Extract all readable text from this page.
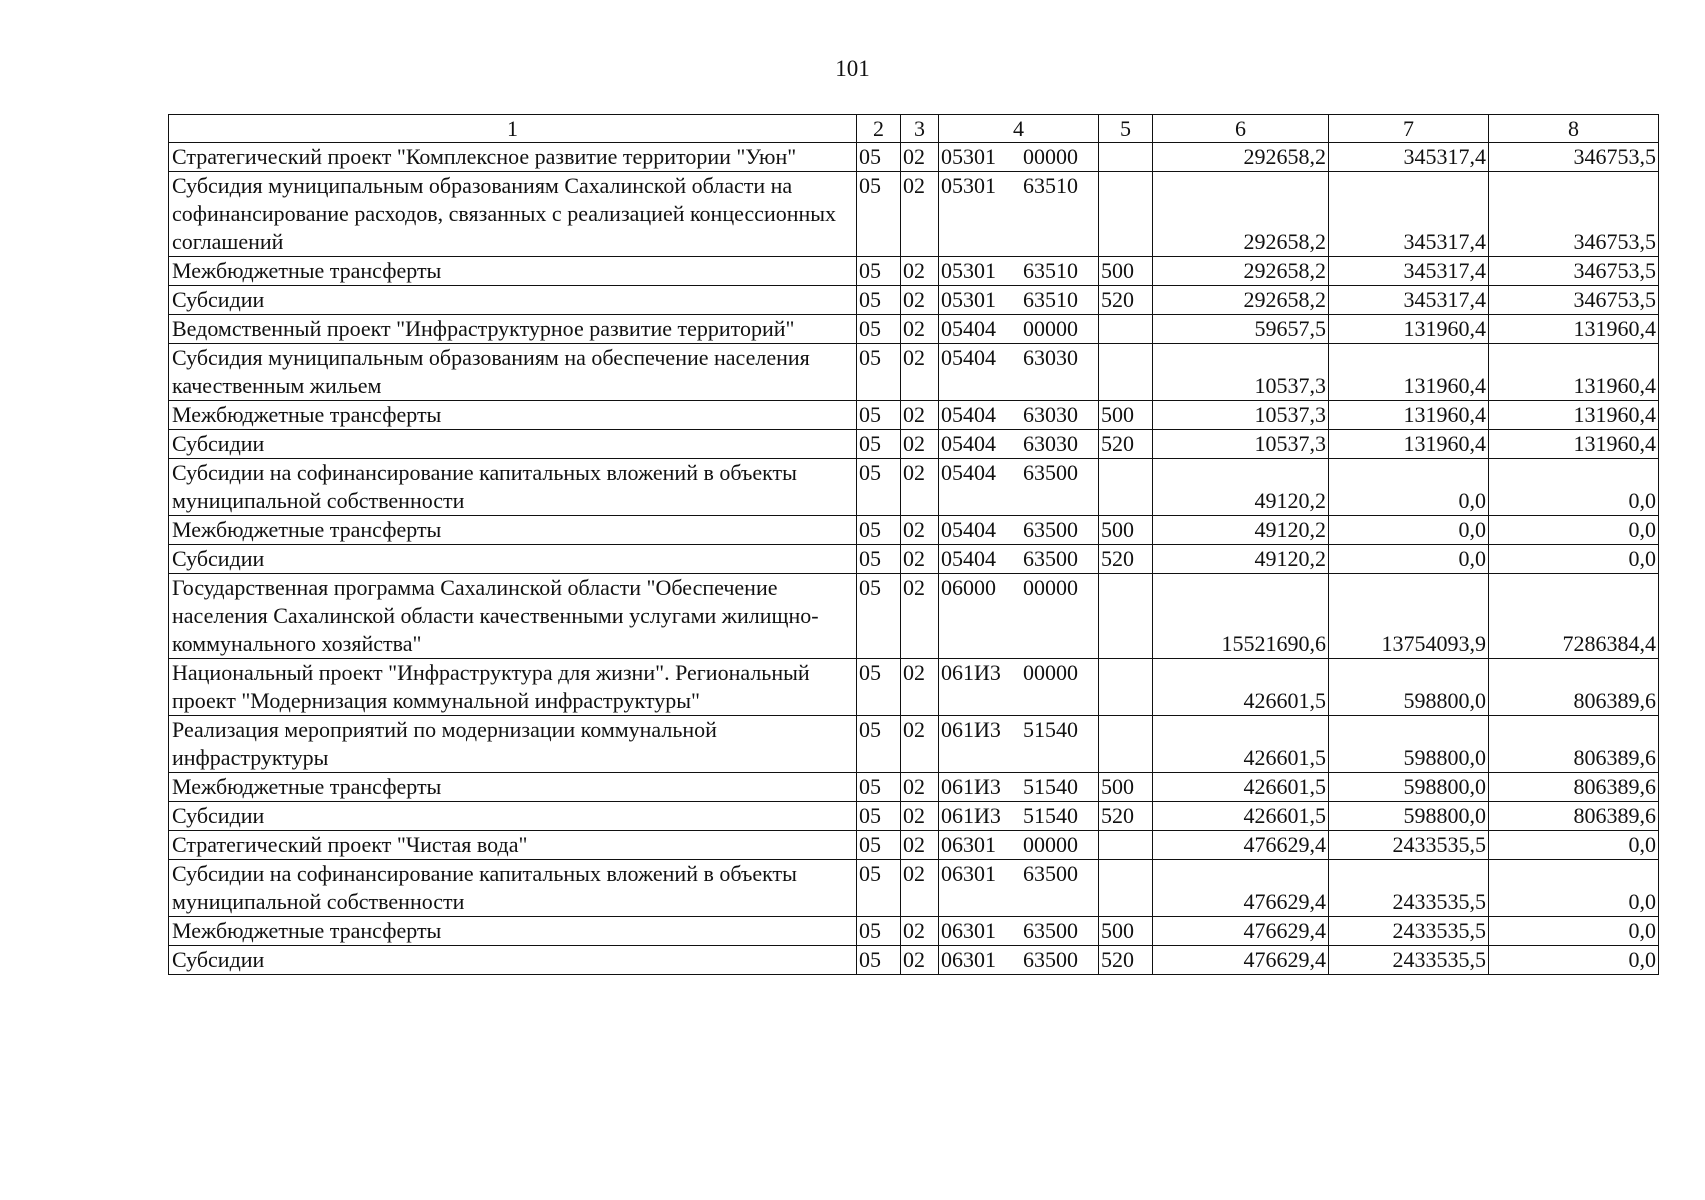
101
1	2	3	4	5	6	7	8
Стратегический проект "Комплексное развитие территории "Уюн"	05	02	05301 00000		292658,2	345317,4	346753,5
Субсидия муниципальным образованиям Сахалинской области на софинансирование расходов, связанных с реализацией концессионных соглашений	05	02	05301 63510		292658,2	345317,4	346753,5
Межбюджетные трансферты	05	02	05301 63510	500	292658,2	345317,4	346753,5
Субсидии	05	02	05301 63510	520	292658,2	345317,4	346753,5
Ведомственный проект "Инфраструктурное развитие территорий"	05	02	05404 00000		59657,5	131960,4	131960,4
Субсидия муниципальным образованиям на обеспечение населения качественным жильем	05	02	05404 63030		10537,3	131960,4	131960,4
Межбюджетные трансферты	05	02	05404 63030	500	10537,3	131960,4	131960,4
Субсидии	05	02	05404 63030	520	10537,3	131960,4	131960,4
Субсидии на софинансирование капитальных вложений в объекты муниципальной собственности	05	02	05404 63500		49120,2	0,0	0,0
Межбюджетные трансферты	05	02	05404 63500	500	49120,2	0,0	0,0
Субсидии	05	02	05404 63500	520	49120,2	0,0	0,0
Государственная программа Сахалинской области "Обеспечение населения Сахалинской области качественными услугами жилищно-коммунального хозяйства"	05	02	06000 00000		15521690,6	13754093,9	7286384,4
Национальный проект "Инфраструктура для жизни". Региональный проект "Модернизация коммунальной инфраструктуры"	05	02	061И3 00000		426601,5	598800,0	806389,6
Реализация мероприятий по модернизации коммунальной инфраструктуры	05	02	061И3 51540		426601,5	598800,0	806389,6
Межбюджетные трансферты	05	02	061И3 51540	500	426601,5	598800,0	806389,6
Субсидии	05	02	061И3 51540	520	426601,5	598800,0	806389,6
Стратегический проект "Чистая вода"	05	02	06301 00000		476629,4	2433535,5	0,0
Субсидии на софинансирование капитальных вложений в объекты муниципальной собственности	05	02	06301 63500		476629,4	2433535,5	0,0
Межбюджетные трансферты	05	02	06301 63500	500	476629,4	2433535,5	0,0
Субсидии	05	02	06301 63500	520	476629,4	2433535,5	0,0
